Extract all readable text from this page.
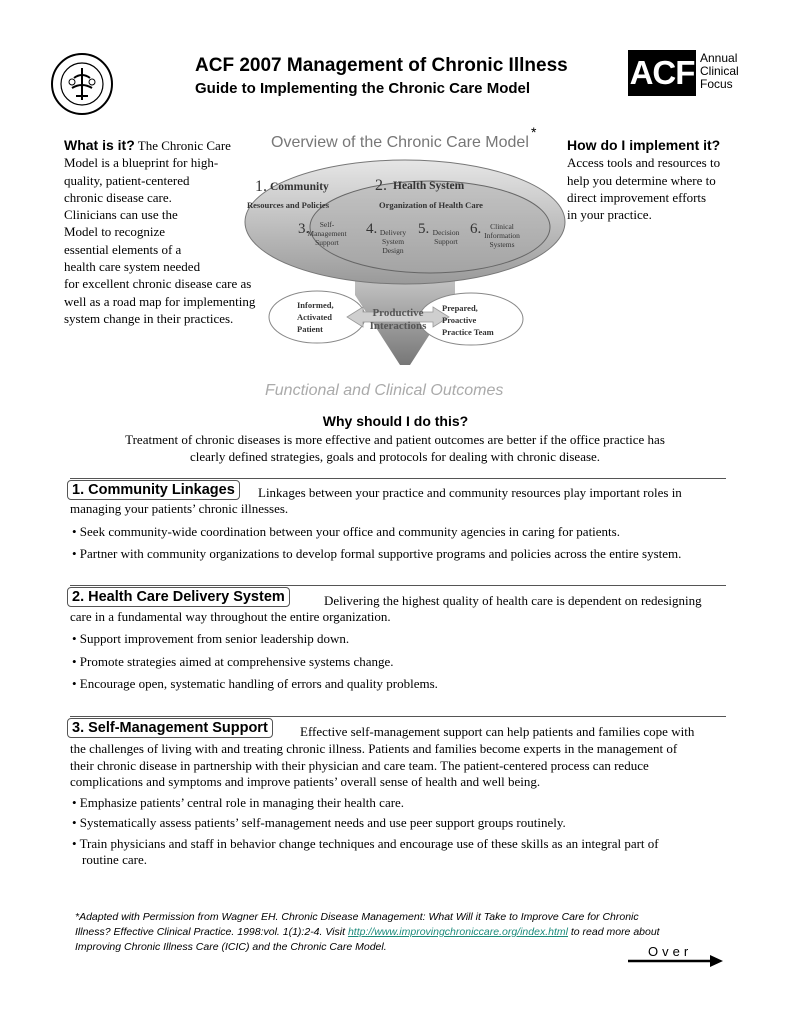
ACF 2007 Management of Chronic Illness
Guide to Implementing the Chronic Care Model	ACF Annual
Clinical
Focus
What is it? The Chronic Care
Model is a blueprint for high-
quality, patient-centered
chronic disease care.
Clinicians can use the
Model to recognize
essential elements of a
health care system needed
for excellent chronic disease care as
well as a road map for implementing
system change in their practices.
How do I implement it?
Access tools and resources to
help you determine where to
direct improvement efforts
in your practice.
Overview of the Chronic Care Model
*
1. Community
Resources and Policies
2. Health System
Organization of Health Care
3. Self-
Management
Support
4. Delivery
System
Design
5. Decision
Support
6. Clinical
Information
Systems
Informed,
Activated
Patient
Prepared,
Proactive
Practice Team
Productive
Interactions
Functional and Clinical Outcomes
Why should I do this?
Treatment of chronic diseases is more effective and patient outcomes are better if the office practice has
clearly defined strategies, goals and protocols for dealing with chronic disease.
1. Community Linkages	Linkages between your practice and community resources play important roles in
managing your patients’ chronic illnesses.
• Seek community-wide coordination between your office and community agencies in caring for patients.
• Partner with community organizations to develop formal supportive programs and policies across the entire system.
2. Health Care Delivery System	Delivering the highest quality of health care is dependent on redesigning
care in a fundamental way throughout the entire organization.
• Support improvement from senior leadership down.
• Promote strategies aimed at comprehensive systems change.
• Encourage open, systematic handling of errors and quality problems.
3. Self-Management Support	Effective self-management support can help patients and families cope with
the challenges of living with and treating chronic illness. Patients and families become experts in the management of
their chronic disease in partnership with their physician and care team. The patient-centered process can reduce
complications and symptoms and improve patients’ overall sense of health and well being.
• Emphasize patients’ central role in managing their health care.
• Systematically assess patients’ self-management needs and use peer support groups routinely.
• Train physicians and staff in behavior change techniques and encourage use of these skills as an integral part of
routine care.
*Adapted with Permission from Wagner EH. Chronic Disease Management: What Will it Take to Improve Care for Chronic
Illness? Effective Clinical Practice. 1998:vol. 1(1):2-4. Visit http://www.improvingchroniccare.org/index.html to read more about
Improving Chronic Illness Care (ICIC) and the Chronic Care Model.	Over
